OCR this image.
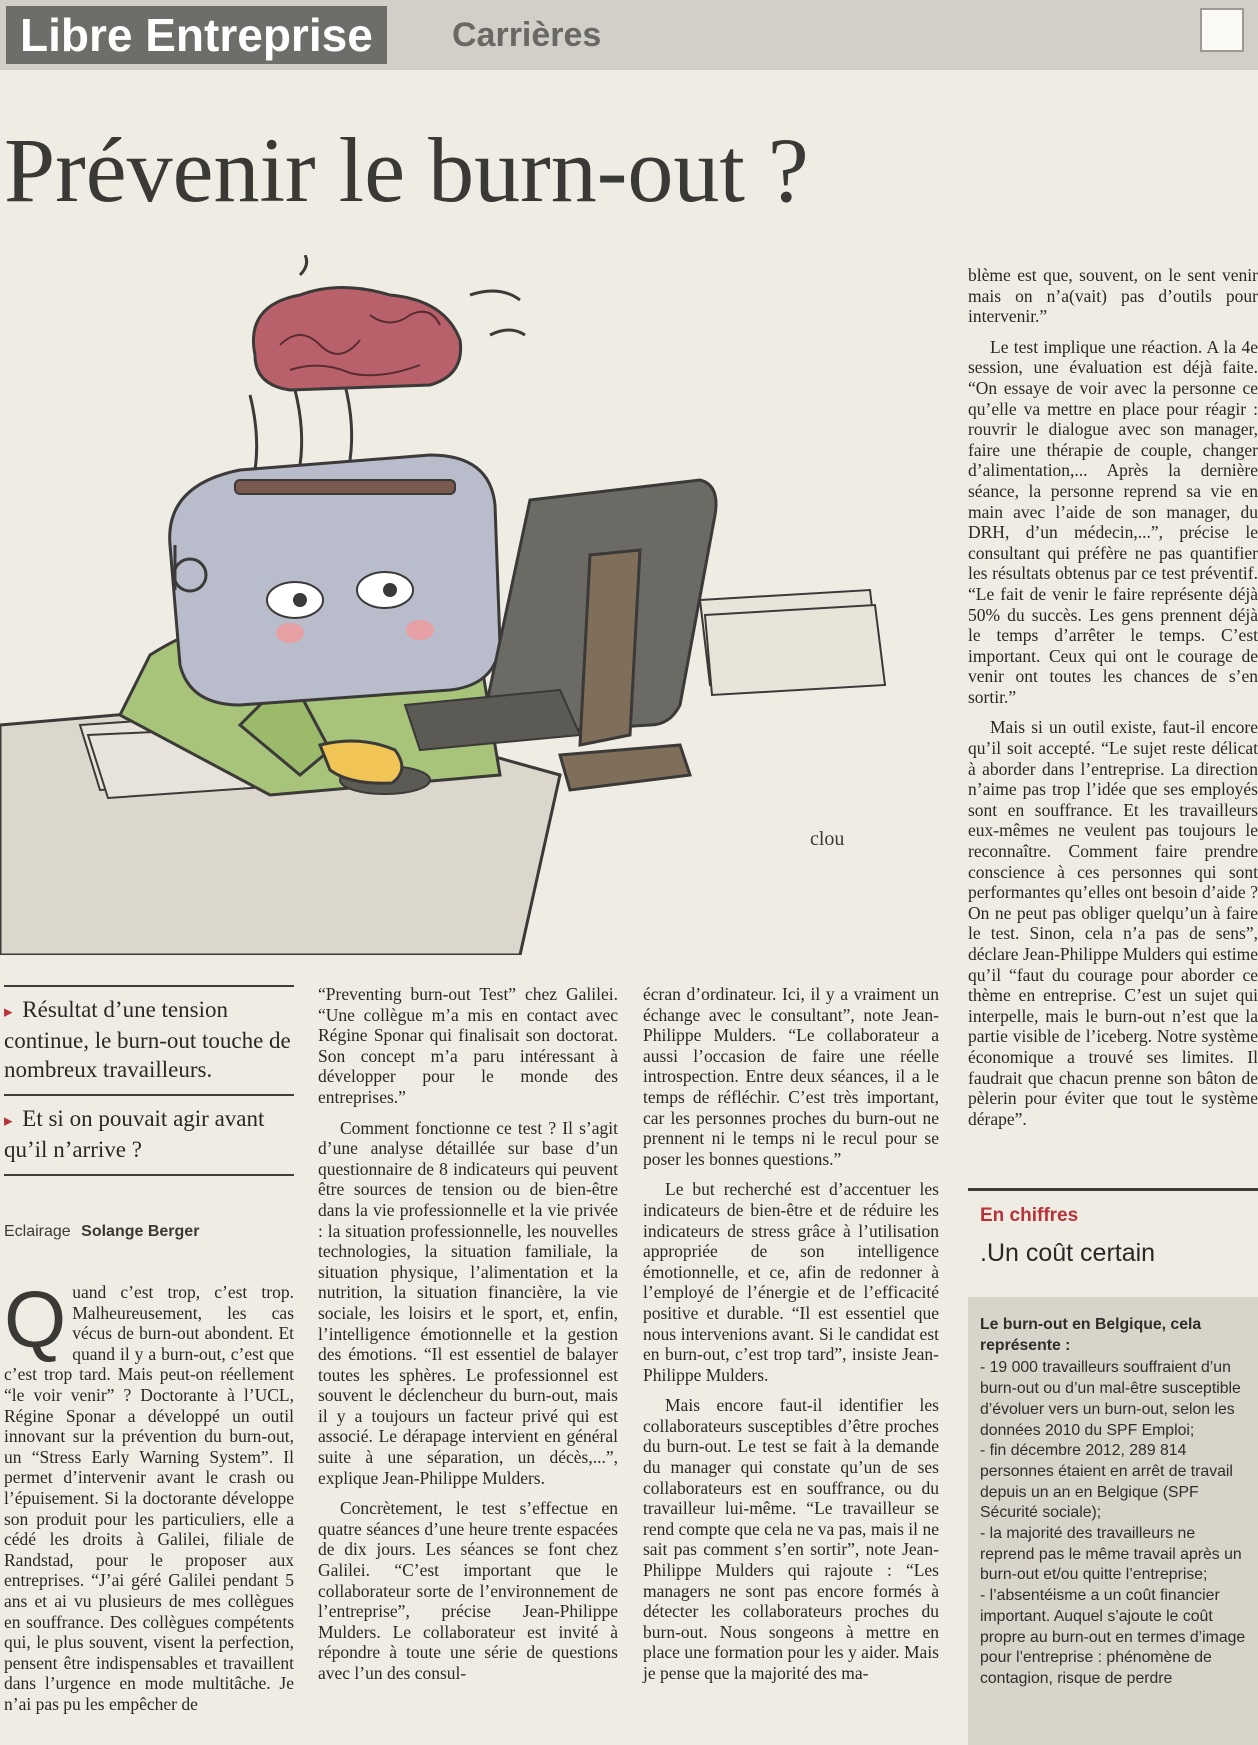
Libre Entreprise	Carrières
Prévenir le burn-out ?
clou
▸ Résultat d’une tension continue, le burn-out touche de nombreux travailleurs.
▸ Et si on pouvait agir avant qu’il n’arrive ?
Eclairage Solange Berger

Q uand c’est trop, c’est trop. Malheureusement, les cas vécus de burn-out abondent. Et quand il y a burn-out, c’est que c’est trop tard. Mais peut-on réellement “le voir venir” ? Doctorante à l’UCL, Régine Sponar a développé un outil innovant sur la prévention du burn-out, un “Stress Early Warning System”. Il permet d’intervenir avant le crash ou l’épuisement. Si la doctorante développe son produit pour les particuliers, elle a cédé les droits à Galilei, filiale de Randstad, pour le proposer aux entreprises. “J’ai géré Galilei pendant 5 ans et ai vu plusieurs de mes collègues en souffrance. Des collègues compétents qui, le plus souvent, visent la perfection, pensent être indispensables et travaillent dans l’urgence en mode multitâche. Je n’ai pas pu les empêcher de

“Preventing burn-out Test” chez Galilei. “Une collègue m’a mis en contact avec Régine Sponar qui finalisait son doctorat. Son concept m’a paru intéressant à développer pour le monde des entreprises.”

Comment fonctionne ce test ? Il s’agit d’une analyse détaillée sur base d’un questionnaire de 8 indicateurs qui peuvent être sources de tension ou de bien-être dans la vie professionnelle et la vie privée : la situation professionnelle, les nouvelles technologies, la situation familiale, la situation physique, l’alimentation et la nutrition, la situation financière, la vie sociale, les loisirs et le sport, et, enfin, l’intelligence émotionnelle et la gestion des émotions. “Il est essentiel de balayer toutes les sphères. Le professionnel est souvent le déclencheur du burn-out, mais il y a toujours un facteur privé qui est associé. Le dérapage intervient en général suite à une séparation, un décès,...”, explique Jean-Philippe Mulders.

Concrètement, le test s’effectue en quatre séances d’une heure trente espacées de dix jours. Les séances se font chez Galilei. “C’est important que le collaborateur sorte de l’environnement de l’entreprise”, précise Jean-Philippe Mulders. Le collaborateur est invité à répondre à toute une série de questions avec l’un des consul-

écran d’ordinateur. Ici, il y a vraiment un échange avec le consultant”, note Jean-Philippe Mulders. “Le collaborateur a aussi l’occasion de faire une réelle introspection. Entre deux séances, il a le temps de réfléchir. C’est très important, car les personnes proches du burn-out ne prennent ni le temps ni le recul pour se poser les bonnes questions.”

Le but recherché est d’accentuer les indicateurs de bien-être et de réduire les indicateurs de stress grâce à l’utilisation appropriée de son intelligence émotionnelle, et ce, afin de redonner à l’employé de l’énergie et de l’efficacité positive et durable. “Il est essentiel que nous intervenions avant. Si le candidat est en burn-out, c’est trop tard”, insiste Jean-Philippe Mulders.

Mais encore faut-il identifier les collaborateurs susceptibles d’être proches du burn-out. Le test se fait à la demande du manager qui constate qu’un de ses collaborateurs est en souffrance, ou du travailleur lui-même. “Le travailleur se rend compte que cela ne va pas, mais il ne sait pas comment s’en sortir”, note Jean-Philippe Mulders qui rajoute : “Les managers ne sont pas encore formés à détecter les collaborateurs proches du burn-out. Nous songeons à mettre en place une formation pour les y aider. Mais je pense que la majorité des ma-

blème est que, souvent, on le sent venir mais on n’a(vait) pas d’outils pour intervenir.”

Le test implique une réaction. A la 4e session, une évaluation est déjà faite. “On essaye de voir avec la personne ce qu’elle va mettre en place pour réagir : rouvrir le dialogue avec son manager, faire une thérapie de couple, changer d’alimentation,... Après la dernière séance, la personne reprend sa vie en main avec l’aide de son manager, du DRH, d’un médecin,...”, précise le consultant qui préfère ne pas quantifier les résultats obtenus par ce test préventif. “Le fait de venir le faire représente déjà 50% du succès. Les gens prennent déjà le temps d’arrêter le temps. C’est important. Ceux qui ont le courage de venir ont toutes les chances de s’en sortir.”

Mais si un outil existe, faut-il encore qu’il soit accepté. “Le sujet reste délicat à aborder dans l’entreprise. La direction n’aime pas trop l’idée que ses employés sont en souffrance. Et les travailleurs eux-mêmes ne veulent pas toujours le reconnaître. Comment faire prendre conscience à ces personnes qui sont performantes qu’elles ont besoin d’aide ? On ne peut pas obliger quelqu’un à faire le test. Sinon, cela n’a pas de sens”, déclare Jean-Philippe Mulders qui estime qu’il “faut du courage pour aborder ce thème en entreprise. C’est un sujet qui interpelle, mais le burn-out n’est que la partie visible de l’iceberg. Notre système économique a trouvé ses limites. Il faudrait que chacun prenne son bâton de pèlerin pour éviter que tout le système dérape”.

En chiffres
.Un coût certain

Le burn-out en Belgique, cela représente :

- 19 000 travailleurs souffraient d’un burn-out ou d’un mal-être susceptible d’évoluer vers un burn-out, selon les données 2010 du SPF Emploi;
- fin décembre 2012, 289 814 personnes étaient en arrêt de travail depuis un an en Belgique (SPF Sécurité sociale);
- la majorité des travailleurs ne reprend pas le même travail après un burn-out et/ou quitte l’entreprise;
- l’absentéisme a un coût financier important. Auquel s’ajoute le coût propre au burn-out en termes d’image pour l’entreprise : phénomène de contagion, risque de perdre
